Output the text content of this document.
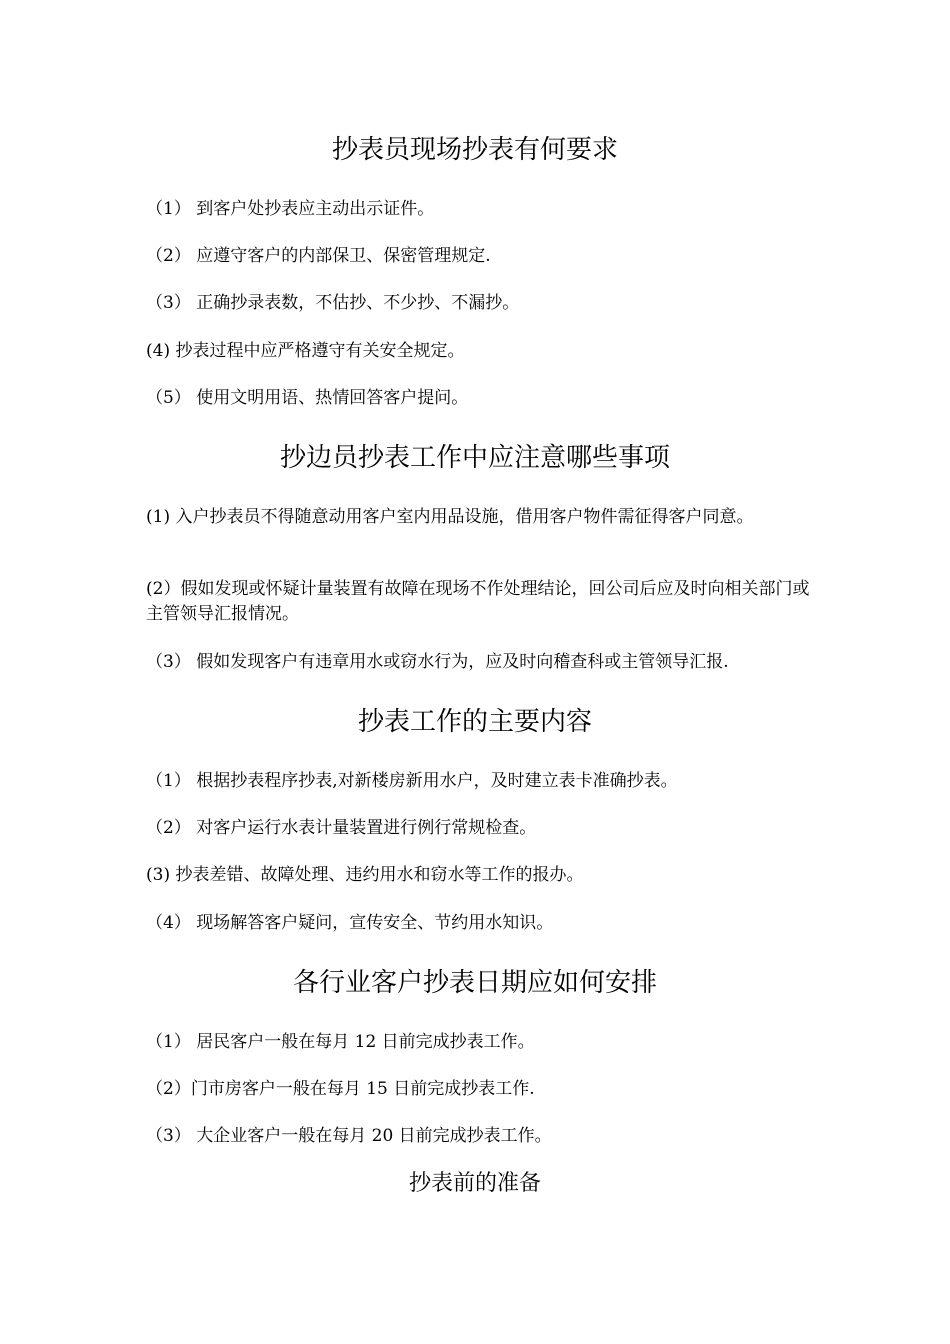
抄表员现场抄表有何要求
（1） 到客户处抄表应主动出示证件。
（2） 应遵守客户的内部保卫、保密管理规定.
（3） 正确抄录表数，不估抄、不少抄、不漏抄。
(4) 抄表过程中应严格遵守有关安全规定。
（5） 使用文明用语、热情回答客户提问。
抄边员抄表工作中应注意哪些事项
(1) 入户抄表员不得随意动用客户室内用品设施，借用客户物件需征得客户同意。
(2）假如发现或怀疑计量装置有故障在现场不作处理结论，回公司后应及时向相关部门或主管领导汇报情况。
（3） 假如发现客户有违章用水或窃水行为，应及时向稽查科或主管领导汇报.
抄表工作的主要内容
（1） 根据抄表程序抄表,对新楼房新用水户，及时建立表卡准确抄表。
（2） 对客户运行水表计量装置进行例行常规检查。
(3) 抄表差错、故障处理、违约用水和窃水等工作的报办。
（4） 现场解答客户疑问，宣传安全、节约用水知识。
各行业客户抄表日期应如何安排
（1） 居民客户一般在每月 12 日前完成抄表工作。
（2）门市房客户一般在每月 15 日前完成抄表工作.
（3） 大企业客户一般在每月 20 日前完成抄表工作。
抄表前的准备
